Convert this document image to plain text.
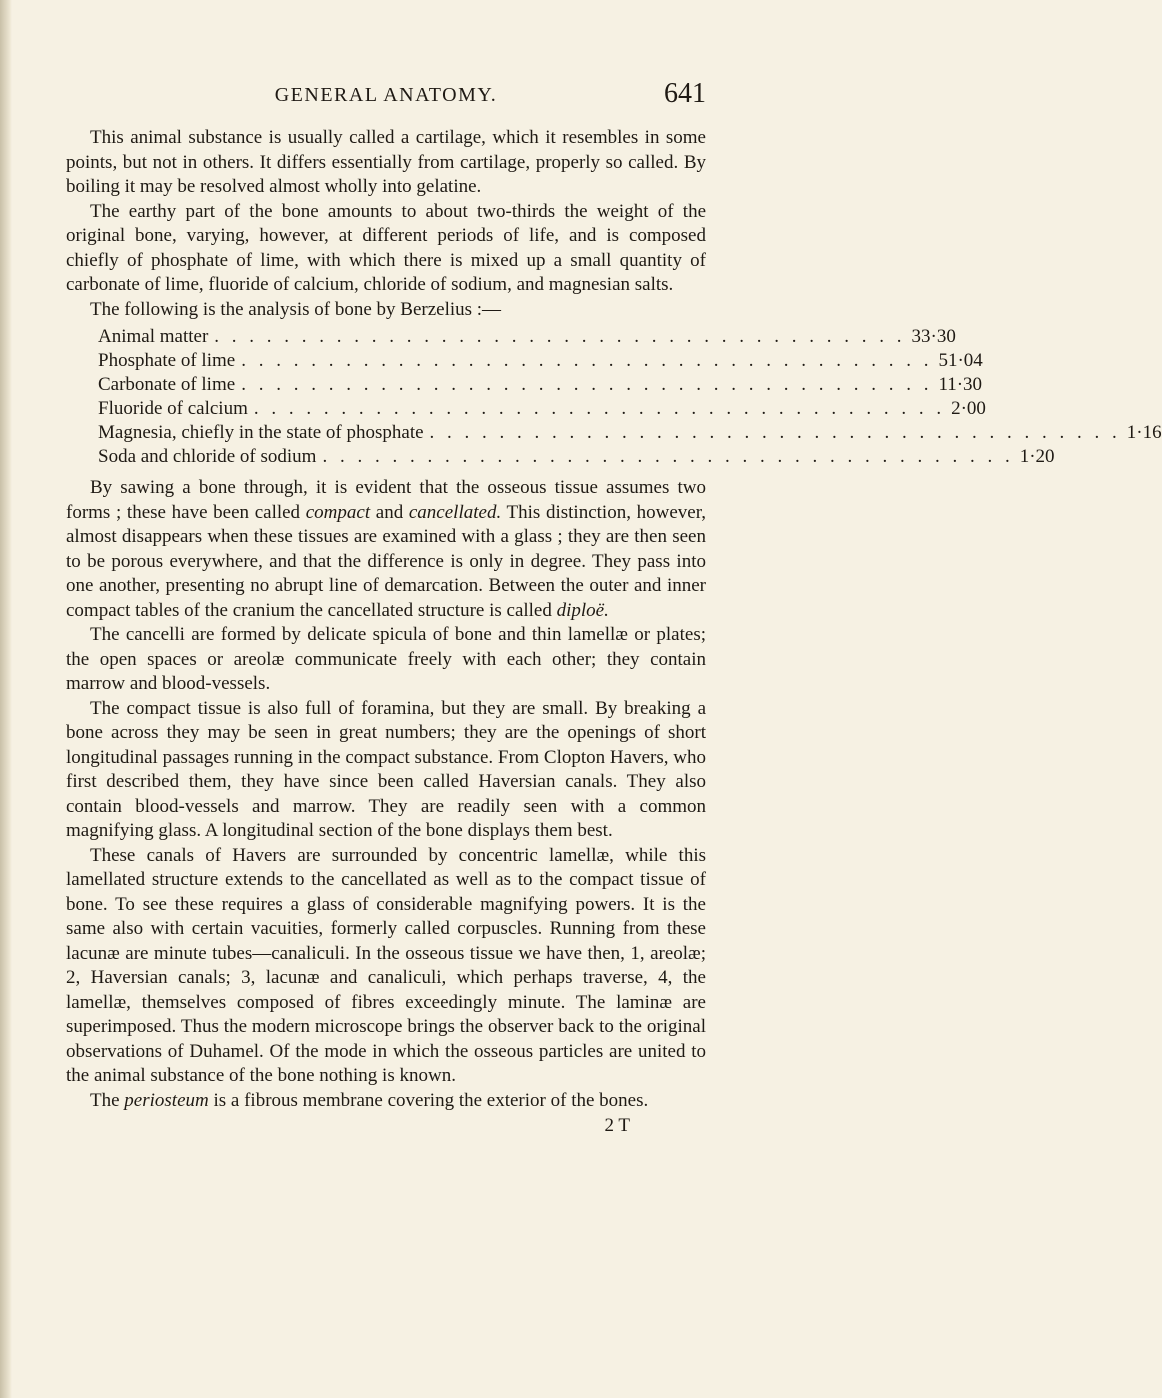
GENERAL ANATOMY.	641

This animal substance is usually called a cartilage, which it resembles in some points, but not in others. It differs essentially from cartilage, properly so called. By boiling it may be resolved almost wholly into gelatine.

The earthy part of the bone amounts to about two-thirds the weight of the original bone, varying, however, at different periods of life, and is composed chiefly of phosphate of lime, with which there is mixed up a small quantity of carbonate of lime, fluoride of calcium, chloride of sodium, and magnesian salts.

The following is the analysis of bone by Berzelius :—

Animal matter . . . . . . . . . . . . . . . . . . . . . . . . . . . . . . . . . . . . . . . . 33·30
Phosphate of lime . . . . . . . . . . . . . . . . . . . . . . . . . . . . . . . . . . . . . . . . 51·04
Carbonate of lime . . . . . . . . . . . . . . . . . . . . . . . . . . . . . . . . . . . . . . . . 11·30
Fluoride of calcium . . . . . . . . . . . . . . . . . . . . . . . . . . . . . . . . . . . . . . . . 2·00
Magnesia, chiefly in the state of phosphate . . . . . . . . . . . . . . . . . . . . . . . . . . . . . . . . . . . . . . . . 1·16
Soda and chloride of sodium . . . . . . . . . . . . . . . . . . . . . . . . . . . . . . . . . . . . . . . . 1·20

By sawing a bone through, it is evident that the osseous tissue assumes two forms ; these have been called compact and cancellated. This distinction, however, almost disappears when these tissues are examined with a glass ; they are then seen to be porous everywhere, and that the difference is only in degree. They pass into one another, presenting no abrupt line of demarcation. Between the outer and inner compact tables of the cranium the cancellated structure is called diploë.

The cancelli are formed by delicate spicula of bone and thin lamellæ or plates; the open spaces or areolæ communicate freely with each other; they contain marrow and blood-vessels.

The compact tissue is also full of foramina, but they are small. By breaking a bone across they may be seen in great numbers; they are the openings of short longitudinal passages running in the compact substance. From Clopton Havers, who first described them, they have since been called Haversian canals. They also contain blood-vessels and marrow. They are readily seen with a common magnifying glass. A longitudinal section of the bone displays them best.

These canals of Havers are surrounded by concentric lamellæ, while this lamellated structure extends to the cancellated as well as to the compact tissue of bone. To see these requires a glass of considerable magnifying powers. It is the same also with certain vacuities, formerly called corpuscles. Running from these lacunæ are minute tubes—canaliculi. In the osseous tissue we have then, 1, areolæ; 2, Haversian canals; 3, lacunæ and canaliculi, which perhaps traverse, 4, the lamellæ, themselves composed of fibres exceedingly minute. The laminæ are superimposed. Thus the modern microscope brings the observer back to the original observations of Duhamel. Of the mode in which the osseous particles are united to the animal substance of the bone nothing is known.

The periosteum is a fibrous membrane covering the exterior of the bones.

2 T
